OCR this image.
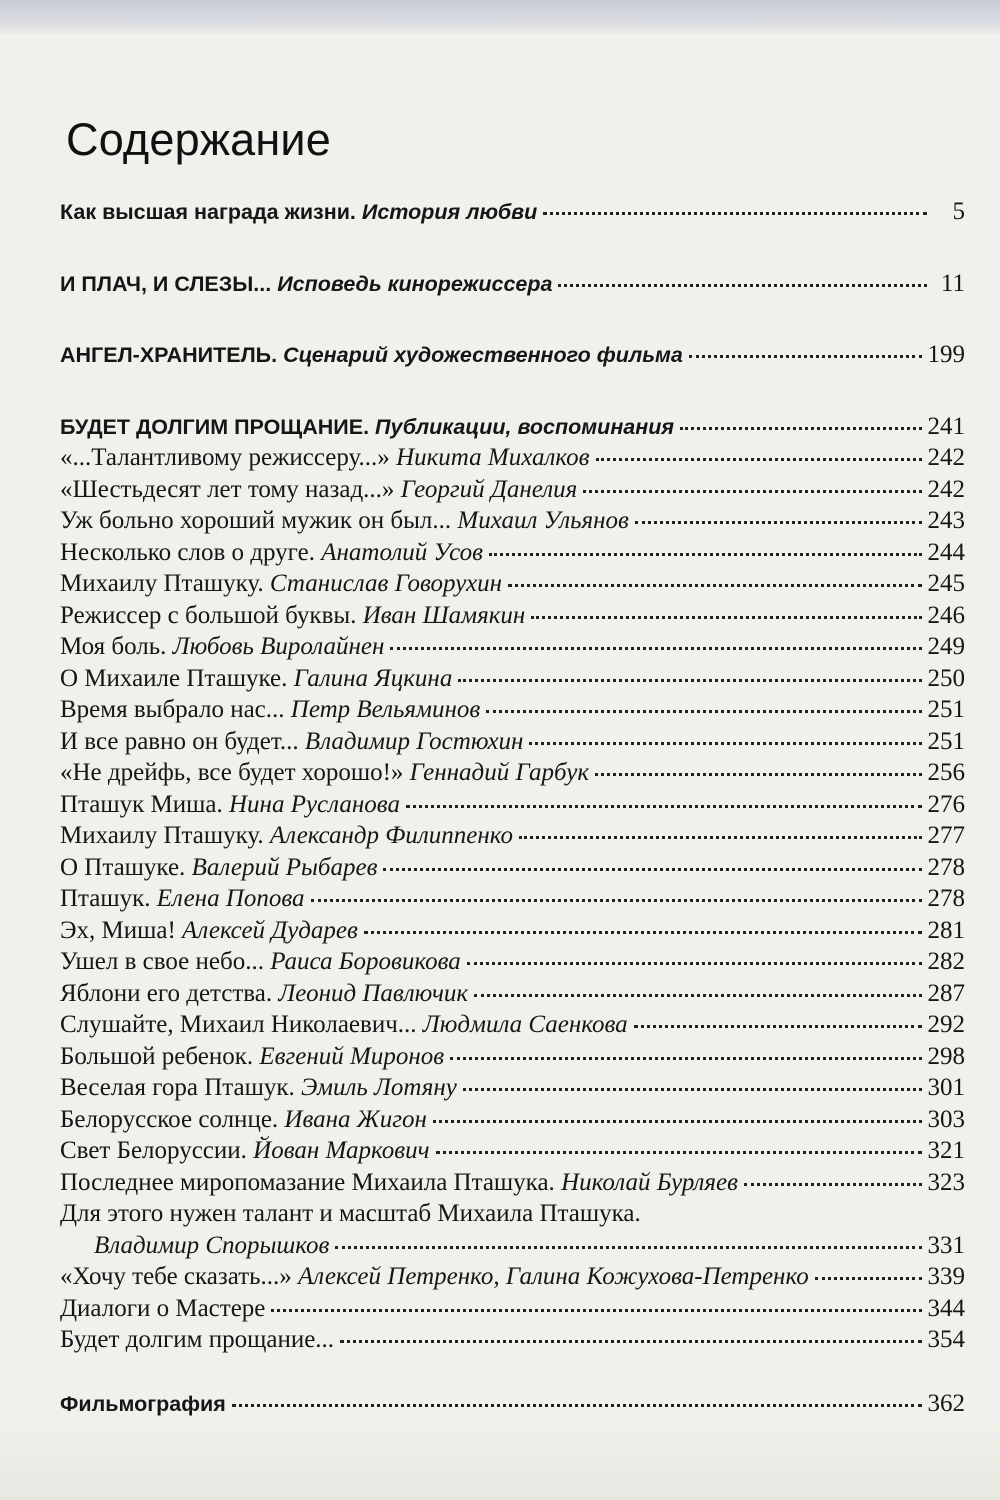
Содержание
Как высшая награда жизни. История любви	5
И ПЛАЧ, И СЛЕЗЫ... Исповедь кинорежиссера	11
АНГЕЛ-ХРАНИТЕЛЬ. Сценарий художественного фильма	199
БУДЕТ ДОЛГИМ ПРОЩАНИЕ. Публикации, воспоминания	241
«...Талантливому режиссеру...» Никита Михалков	242
«Шестьдесят лет тому назад...» Георгий Данелия	242
Уж больно хороший мужик он был... Михаил Ульянов	243
Несколько слов о друге. Анатолий Усов	244
Михаилу Пташуку. Станислав Говорухин	245
Режиссер с большой буквы. Иван Шамякин	246
Моя боль. Любовь Виролайнен	249
О Михаиле Пташуке. Галина Яцкина	250
Время выбрало нас... Петр Вельяминов	251
И все равно он будет... Владимир Гостюхин	251
«Не дрейфь, все будет хорошо!» Геннадий Гарбук	256
Пташук Миша. Нина Русланова	276
Михаилу Пташуку. Александр Филиппенко	277
О Пташуке. Валерий Рыбарев	278
Пташук. Елена Попова	278
Эх, Миша! Алексей Дударев	281
Ушел в свое небо... Раиса Боровикова	282
Яблони его детства. Леонид Павлючик	287
Слушайте, Михаил Николаевич... Людмила Саенкова	292
Большой ребенок. Евгений Миронов	298
Веселая гора Пташук. Эмиль Лотяну	301
Белорусское солнце. Ивана Жигон	303
Свет Белоруссии. Йован Маркович	321
Последнее миропомазание Михаила Пташука. Николай Бурляев	323
Для этого нужен талант и масштаб Михаила Пташука.
Владимир Спорышков	331
«Хочу тебе сказать...» Алексей Петренко, Галина Кожухова-Петренко	339
Диалоги о Мастере	344
Будет долгим прощание...	354
Фильмография	362
